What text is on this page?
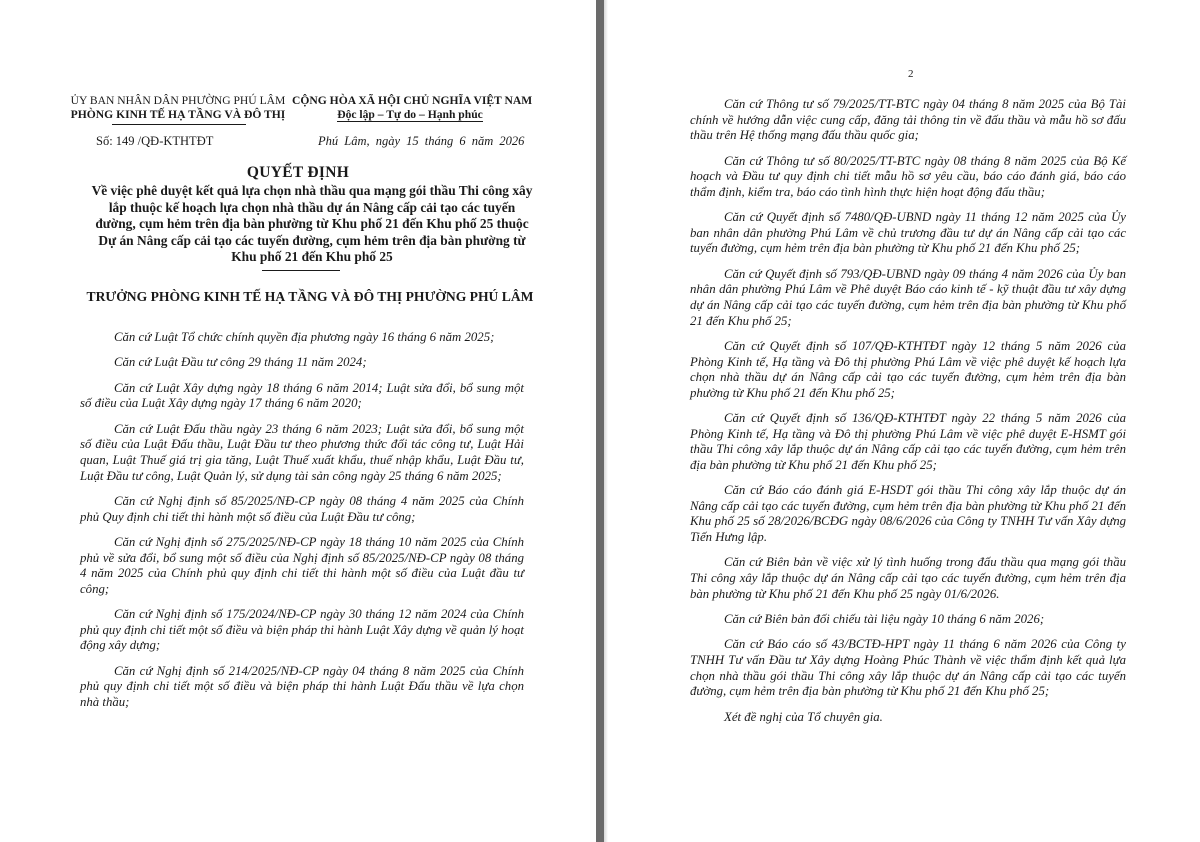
ỦY BAN NHÂN DÂN PHƯỜNG PHÚ LÂM
PHÒNG KINH TẾ HẠ TẦNG VÀ ĐÔ THỊ
CỘNG HÒA XÃ HỘI CHỦ NGHĨA VIỆT NAM
Độc lập – Tự do – Hạnh phúc
Số: 149 /QĐ-KTHTĐT	Phú Lâm, ngày 15 tháng 6 năm 2026
QUYẾT ĐỊNH
Về việc phê duyệt kết quả lựa chọn nhà thầu qua mạng gói thầu Thi công xây lắp thuộc kế hoạch lựa chọn nhà thầu dự án Nâng cấp cải tạo các tuyến đường, cụm hẻm trên địa bàn phường từ Khu phố 21 đến Khu phố 25 thuộc Dự án Nâng cấp cải tạo các tuyến đường, cụm hẻm trên địa bàn phường từ Khu phố 21 đến Khu phố 25
TRƯỞNG PHÒNG KINH TẾ HẠ TẦNG VÀ ĐÔ THỊ PHƯỜNG PHÚ LÂM

Căn cứ Luật Tổ chức chính quyền địa phương ngày 16 tháng 6 năm 2025;

Căn cứ Luật Đầu tư công 29 tháng 11 năm 2024;

Căn cứ Luật Xây dựng ngày 18 tháng 6 năm 2014; Luật sửa đổi, bổ sung một số điều của Luật Xây dựng ngày 17 tháng 6 năm 2020;

Căn cứ Luật Đấu thầu ngày 23 tháng 6 năm 2023; Luật sửa đổi, bổ sung một số điều của Luật Đấu thầu, Luật Đầu tư theo phương thức đối tác công tư, Luật Hải quan, Luật Thuế giá trị gia tăng, Luật Thuế xuất khẩu, thuế nhập khẩu, Luật Đầu tư, Luật Đầu tư công, Luật Quản lý, sử dụng tài sản công ngày 25 tháng 6 năm 2025;

Căn cứ Nghị định số 85/2025/NĐ-CP ngày 08 tháng 4 năm 2025 của Chính phủ Quy định chi tiết thi hành một số điều của Luật Đầu tư công;

Căn cứ Nghị định số 275/2025/NĐ-CP ngày 18 tháng 10 năm 2025 của Chính phủ về sửa đổi, bổ sung một số điều của Nghị định số 85/2025/NĐ-CP ngày 08 tháng 4 năm 2025 của Chính phủ quy định chi tiết thi hành một số điều của Luật đầu tư công;

Căn cứ Nghị định số 175/2024/NĐ-CP ngày 30 tháng 12 năm 2024 của Chính phủ quy định chi tiết một số điều và biện pháp thi hành Luật Xây dựng về quản lý hoạt động xây dựng;

Căn cứ Nghị định số 214/2025/NĐ-CP ngày 04 tháng 8 năm 2025 của Chính phủ quy định chi tiết một số điều và biện pháp thi hành Luật Đấu thầu về lựa chọn nhà thầu;

2

Căn cứ Thông tư số 79/2025/TT-BTC ngày 04 tháng 8 năm 2025 của Bộ Tài chính về hướng dẫn việc cung cấp, đăng tải thông tin về đấu thầu và mẫu hồ sơ đấu thầu trên Hệ thống mạng đấu thầu quốc gia;

Căn cứ Thông tư số 80/2025/TT-BTC ngày 08 tháng 8 năm 2025 của Bộ Kế hoạch và Đầu tư quy định chi tiết mẫu hồ sơ yêu cầu, báo cáo đánh giá, báo cáo thẩm định, kiểm tra, báo cáo tình hình thực hiện hoạt động đấu thầu;

Căn cứ Quyết định số 7480/QĐ-UBND ngày 11 tháng 12 năm 2025 của Ủy ban nhân dân phường Phú Lâm về chủ trương đầu tư dự án Nâng cấp cải tạo các tuyến đường, cụm hẻm trên địa bàn phường từ Khu phố 21 đến Khu phố 25;

Căn cứ Quyết định số 793/QĐ-UBND ngày 09 tháng 4 năm 2026 của Ủy ban nhân dân phường Phú Lâm về Phê duyệt Báo cáo kinh tế - kỹ thuật đầu tư xây dựng dự án Nâng cấp cải tạo các tuyến đường, cụm hẻm trên địa bàn phường từ Khu phố 21 đến Khu phố 25;

Căn cứ Quyết định số 107/QĐ-KTHTĐT ngày 12 tháng 5 năm 2026 của Phòng Kinh tế, Hạ tầng và Đô thị phường Phú Lâm về việc phê duyệt kế hoạch lựa chọn nhà thầu dự án Nâng cấp cải tạo các tuyến đường, cụm hẻm trên địa bàn phường từ Khu phố 21 đến Khu phố 25;

Căn cứ Quyết định số 136/QĐ-KTHTĐT ngày 22 tháng 5 năm 2026 của Phòng Kinh tế, Hạ tầng và Đô thị phường Phú Lâm về việc phê duyệt E-HSMT gói thầu Thi công xây lắp thuộc dự án Nâng cấp cải tạo các tuyến đường, cụm hẻm trên địa bàn phường từ Khu phố 21 đến Khu phố 25;

Căn cứ Báo cáo đánh giá E-HSDT gói thầu Thi công xây lắp thuộc dự án Nâng cấp cải tạo các tuyến đường, cụm hẻm trên địa bàn phường từ Khu phố 21 đến Khu phố 25 số 28/2026/BCĐG ngày 08/6/2026 của Công ty TNHH Tư vấn Xây dựng Tiến Hưng lập.

Căn cứ Biên bản về việc xử lý tình huống trong đấu thầu qua mạng gói thầu Thi công xây lắp thuộc dự án Nâng cấp cải tạo các tuyến đường, cụm hẻm trên địa bàn phường từ Khu phố 21 đến Khu phố 25 ngày 01/6/2026.

Căn cứ Biên bản đối chiếu tài liệu ngày 10 tháng 6 năm 2026;

Căn cứ Báo cáo số 43/BCTĐ-HPT ngày 11 tháng 6 năm 2026 của Công ty TNHH Tư vấn Đầu tư Xây dựng Hoàng Phúc Thành về việc thẩm định kết quả lựa chọn nhà thầu gói thầu Thi công xây lắp thuộc dự án Nâng cấp cải tạo các tuyến đường, cụm hẻm trên địa bàn phường từ Khu phố 21 đến Khu phố 25;

Xét đề nghị của Tổ chuyên gia.
